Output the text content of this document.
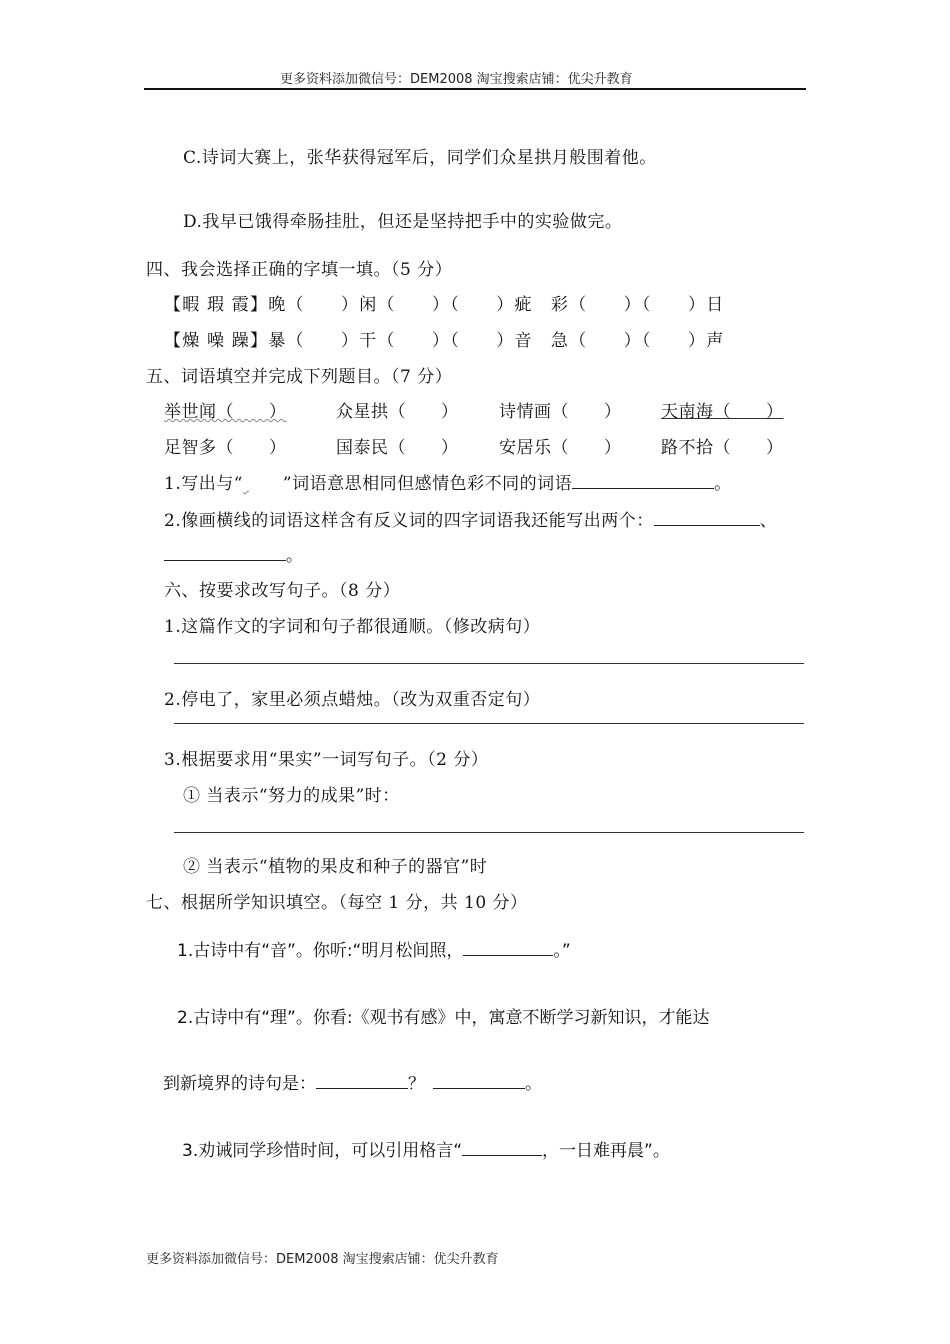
更多资料添加微信号：DEM2008 淘宝搜索店铺：优尖升教育
C.诗词大赛上，张华获得冠军后，同学们众星拱月般围着他。
D.我早已饿得牵肠挂肚，但还是坚持把手中的实验做完。
四、我会选择正确的字填一填。（5 分）
【暇 瑕 霞】晚（　　）闲（　　）（　　）疵　彩（　　）（　　）日
【燥 噪 躁】暴（　　）干（　　）（　　）音　急（　　）（　　）声
五、词语填空并完成下列题目。（7 分）
举世闻（　　）	众星拱（　　） 诗情画（　　） 天南海（　　）
足智多（　　）	国泰民（　　） 安居乐（　　） 路不拾（　　）
1.写出与“ ”词语意思相同但感情色彩不同的词语	。
2.像画横线的词语这样含有反义词的四字词语我还能写出两个：	、
。
六、按要求改写句子。（8 分）
1.这篇作文的字词和句子都很通顺。（修改病句）
2.停电了，家里必须点蜡烛。（改为双重否定句）
3.根据要求用“果实”一词写句子。（2 分）
① 当表示“努力的成果”时：
② 当表示“植物的果皮和种子的器官”时
七、根据所学知识填空。（每空 1 分，共 10 分）
1.古诗中有“音”。你听:“明月松间照，	。”
2.古诗中有“理”。你看:《观书有感》中，寓意不断学习新知识，才能达
到新境界的诗句是：	？	。
3.劝诫同学珍惜时间，可以引用格言“	，一日难再晨”。
更多资料添加微信号：DEM2008 淘宝搜索店铺：优尖升教育
